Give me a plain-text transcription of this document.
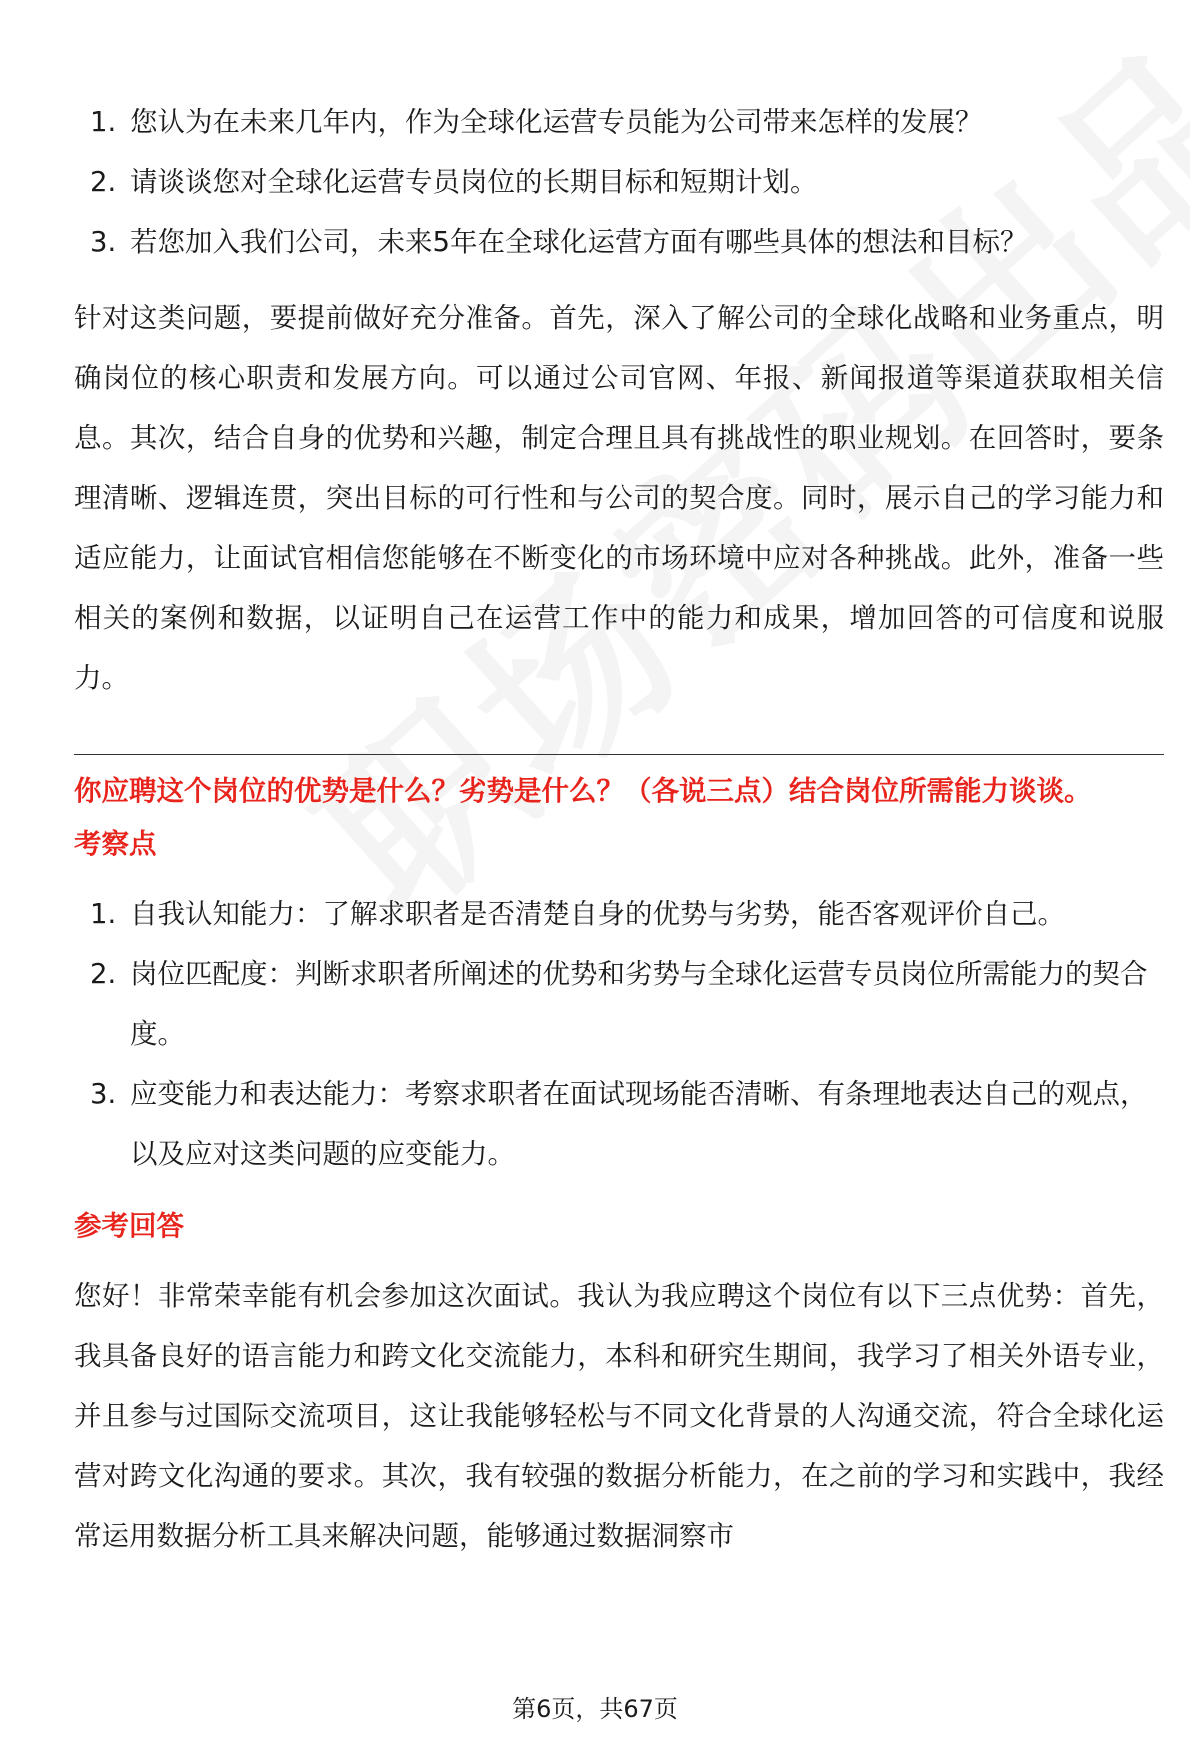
1. 您认为在未来几年内，作为全球化运营专员能为公司带来怎样的发展？
2. 请谈谈您对全球化运营专员岗位的长期目标和短期计划。
3. 若您加入我们公司，未来5年在全球化运营方面有哪些具体的想法和目标？

针对这类问题，要提前做好充分准备。首先，深入了解公司的全球化战略和业务重点，明确岗位的核心职责和发展方向。可以通过公司官网、年报、新闻报道等渠道获取相关信息。其次，结合自身的优势和兴趣，制定合理且具有挑战性的职业规划。在回答时，要条理清晰、逻辑连贯，突出目标的可行性和与公司的契合度。同时，展示自己的学习能力和适应能力，让面试官相信您能够在不断变化的市场环境中应对各种挑战。此外，准备一些相关的案例和数据，以证明自己在运营工作中的能力和成果，增加回答的可信度和说服力。

你应聘这个岗位的优势是什么？劣势是什么？（各说三点）结合岗位所需能力谈谈。

考察点

1. 自我认知能力：了解求职者是否清楚自身的优势与劣势，能否客观评价自己。
2. 岗位匹配度：判断求职者所阐述的优势和劣势与全球化运营专员岗位所需能力的契合度。
3. 应变能力和表达能力：考察求职者在面试现场能否清晰、有条理地表达自己的观点，以及应对这类问题的应变能力。

参考回答

您好！非常荣幸能有机会参加这次面试。我认为我应聘这个岗位有以下三点优势：首先，我具备良好的语言能力和跨文化交流能力，本科和研究生期间，我学习了相关外语专业，并且参与过国际交流项目，这让我能够轻松与不同文化背景的人沟通交流，符合全球化运营对跨文化沟通的要求。其次，我有较强的数据分析能力，在之前的学习和实践中，我经常运用数据分析工具来解决问题，能够通过数据洞察市

第6页，共67页
